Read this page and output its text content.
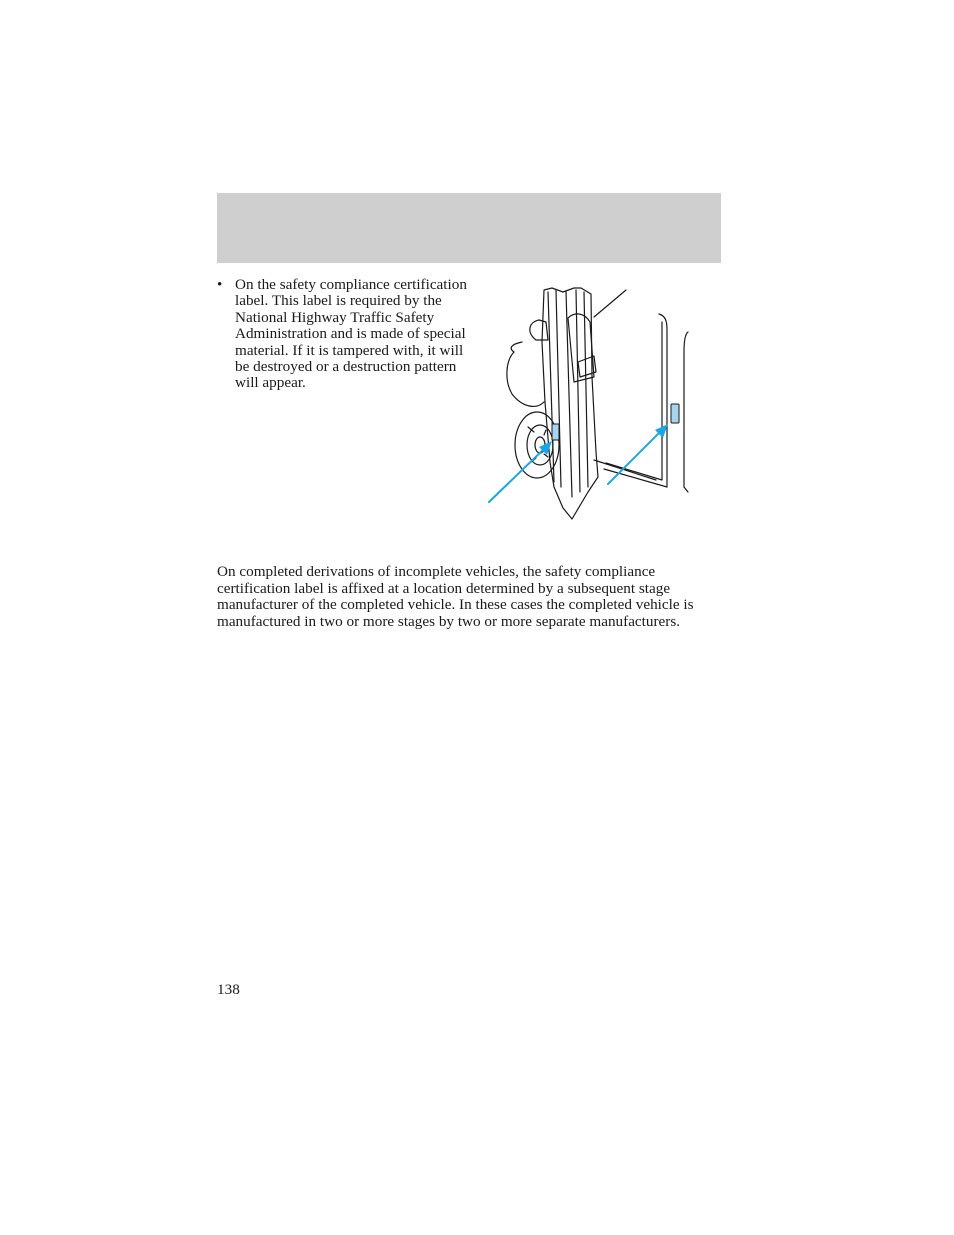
• On the safety compliance certification label. This label is required by the National Highway Traffic Safety Administration and is made of special material. If it is tampered with, it will be destroyed or a destruction pattern will appear.
On completed derivations of incomplete vehicles, the safety compliance certification label is affixed at a location determined by a subsequent stage manufacturer of the completed vehicle. In these cases the completed vehicle is manufactured in two or more stages by two or more separate manufacturers.
138
